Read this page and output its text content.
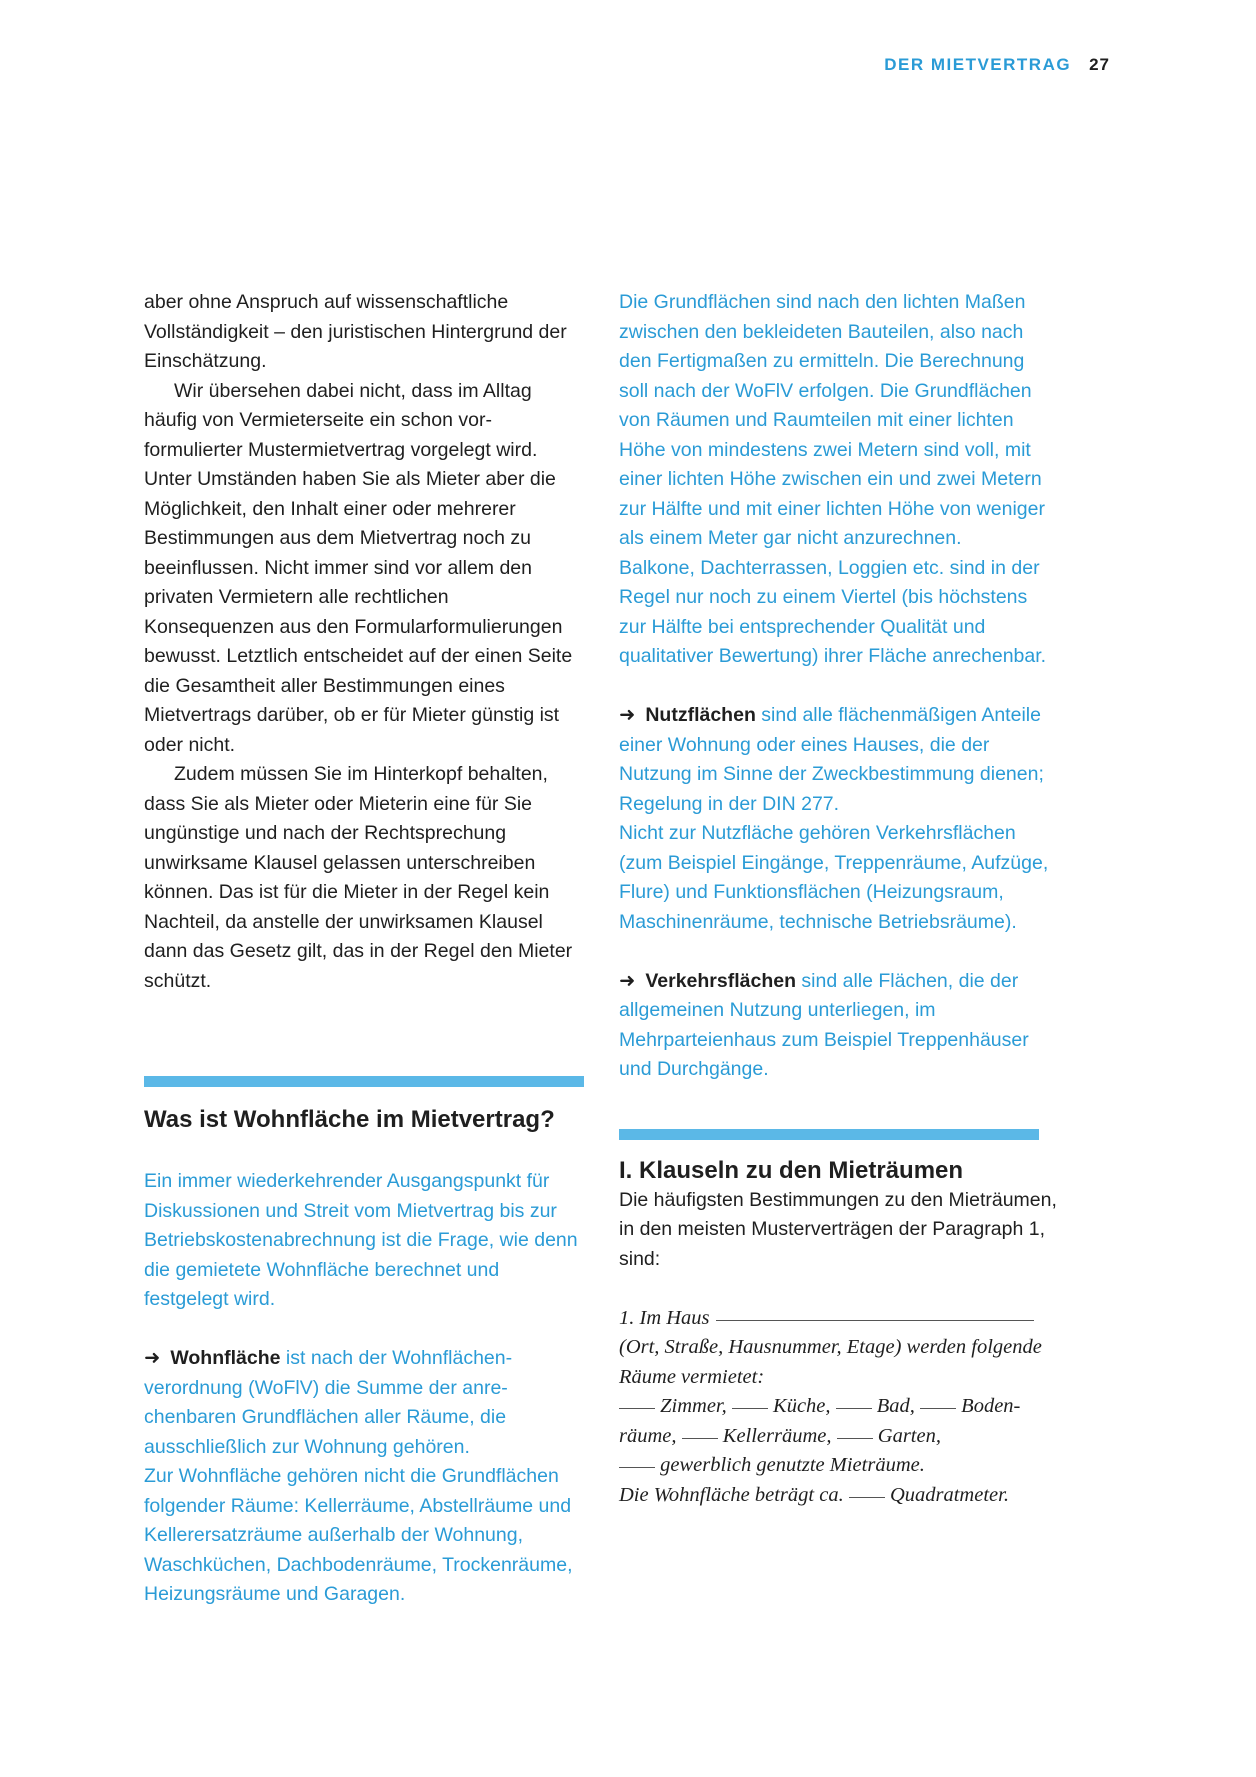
DER MIETVERTRAG 27

aber ohne Anspruch auf wissenschaftliche Vollständigkeit – den juristischen Hintergrund der Einschätzung.

Wir übersehen dabei nicht, dass im Alltag häufig von Vermieterseite ein schon vorformulierter Mustermietvertrag vorgelegt wird. Unter Umständen haben Sie als Mieter aber die Möglichkeit, den Inhalt einer oder mehrerer Bestimmungen aus dem Mietvertrag noch zu beeinflussen. Nicht immer sind vor allem den privaten Vermietern alle rechtlichen Konsequenzen aus den Formularformulierungen bewusst. Letztlich entscheidet auf der einen Seite die Gesamtheit aller Bestimmungen eines Mietvertrags darüber, ob er für Mieter günstig ist oder nicht.

Zudem müssen Sie im Hinterkopf behalten, dass Sie als Mieter oder Mieterin eine für Sie ungünstige und nach der Rechtsprechung unwirksame Klausel gelassen unterschreiben können. Das ist für die Mieter in der Regel kein Nachteil, da anstelle der unwirksamen Klausel dann das Gesetz gilt, das in der Regel den Mieter schützt.

Was ist Wohnfläche im Mietvertrag?

Ein immer wiederkehrender Ausgangspunkt für Diskussionen und Streit vom Mietvertrag bis zur Betriebskostenabrechnung ist die Frage, wie denn die gemietete Wohnfläche berechnet und festgelegt wird.

➜ Wohnfläche ist nach der Wohnflächenverordnung (WoFlV) die Summe der anrechenbaren Grundflächen aller Räume, die ausschließlich zur Wohnung gehören.

Zur Wohnfläche gehören nicht die Grundflächen folgender Räume: Kellerräume, Abstellräume und Kellerersatzräume außerhalb der Wohnung, Waschküchen, Dachbodenräume, Trockenräume, Heizungsräume und Garagen.

Die Grundflächen sind nach den lichten Maßen zwischen den bekleideten Bauteilen, also nach den Fertigmaßen zu ermitteln. Die Berechnung soll nach der WoFlV erfolgen. Die Grundflächen von Räumen und Raumteilen mit einer lichten Höhe von mindestens zwei Metern sind voll, mit einer lichten Höhe zwischen ein und zwei Metern zur Hälfte und mit einer lichten Höhe von weniger als einem Meter gar nicht anzurechnen.

Balkone, Dachterrassen, Loggien etc. sind in der Regel nur noch zu einem Viertel (bis höchstens zur Hälfte bei entsprechender Qualität und qualitativer Bewertung) ihrer Fläche anrechenbar.

➜ Nutzflächen sind alle flächenmäßigen Anteile einer Wohnung oder eines Hauses, die der Nutzung im Sinne der Zweckbestimmung dienen; Regelung in der DIN 277.

Nicht zur Nutzfläche gehören Verkehrsflächen (zum Beispiel Eingänge, Treppenräume, Aufzüge, Flure) und Funktionsflächen (Heizungsraum, Maschinenräume, technische Betriebsräume).

➜ Verkehrsflächen sind alle Flächen, die der allgemeinen Nutzung unterliegen, im Mehrparteienhaus zum Beispiel Treppenhäuser und Durchgänge.

I. Klauseln zu den Mieträumen

Die häufigsten Bestimmungen zu den Mieträumen, in den meisten Musterverträgen der Paragraph 1, sind:

1. Im Haus
(Ort, Straße, Hausnummer, Etage) werden folgende Räume vermietet:
Zimmer, Küche, Bad, Bodenräume, Kellerräume, Garten,
gewerblich genutzte Mieträume.
Die Wohnfläche beträgt ca. Quadratmeter.
